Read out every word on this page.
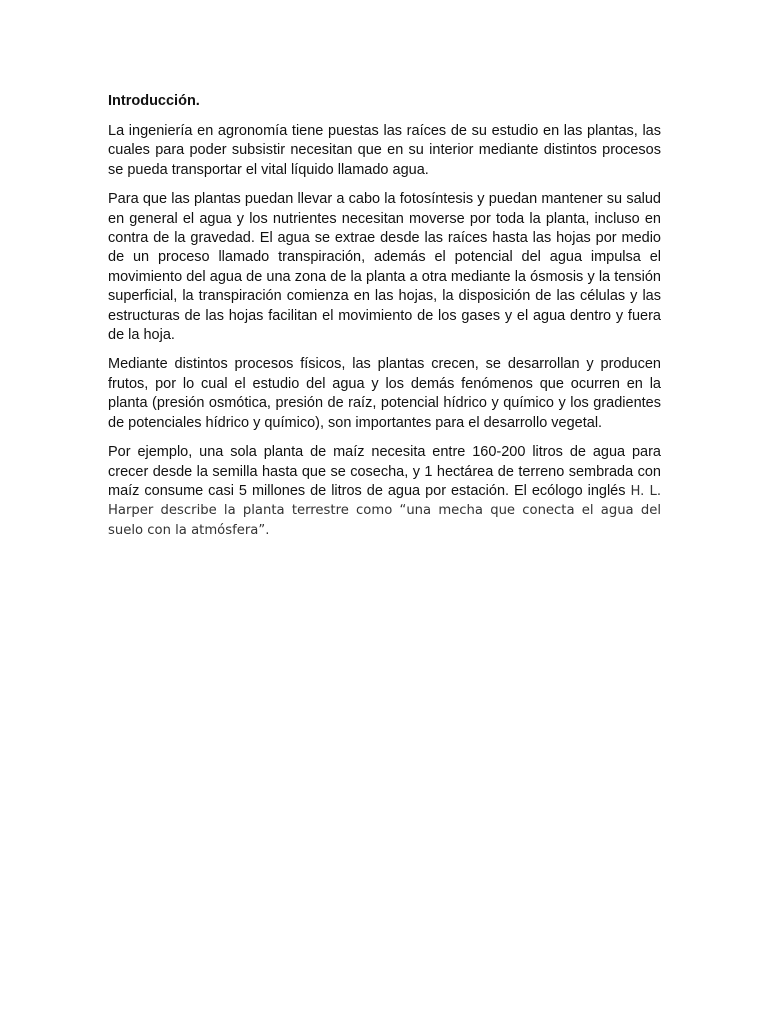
Introducción.

La ingeniería en agronomía tiene puestas las raíces de su estudio en las plantas, las cuales para poder subsistir necesitan que en su interior mediante distintos procesos se pueda transportar el vital líquido llamado agua.

Para que las plantas puedan llevar a cabo la fotosíntesis y puedan mantener su salud en general el agua y los nutrientes necesitan moverse por toda la planta, incluso en contra de la gravedad. El agua se extrae desde las raíces hasta las hojas por medio de un proceso llamado transpiración, además el potencial del agua impulsa el movimiento del agua de una zona de la planta a otra mediante la ósmosis y la tensión superficial, la transpiración comienza en las hojas, la disposición de las células y las estructuras de las hojas facilitan el movimiento de los gases y el agua dentro y fuera de la hoja.

Mediante distintos procesos físicos, las plantas crecen, se desarrollan y producen frutos, por lo cual el estudio del agua y los demás fenómenos que ocurren en la planta (presión osmótica, presión de raíz, potencial hídrico y químico y los gradientes de potenciales hídrico y químico), son importantes para el desarrollo vegetal.

Por ejemplo, una sola planta de maíz necesita entre 160-200 litros de agua para crecer desde la semilla hasta que se cosecha, y 1 hectárea de terreno sembrada con maíz consume casi 5 millones de litros de agua por estación. El ecólogo inglés H. L. Harper describe la planta terrestre como “una mecha que conecta el agua del suelo con la atmósfera”.
